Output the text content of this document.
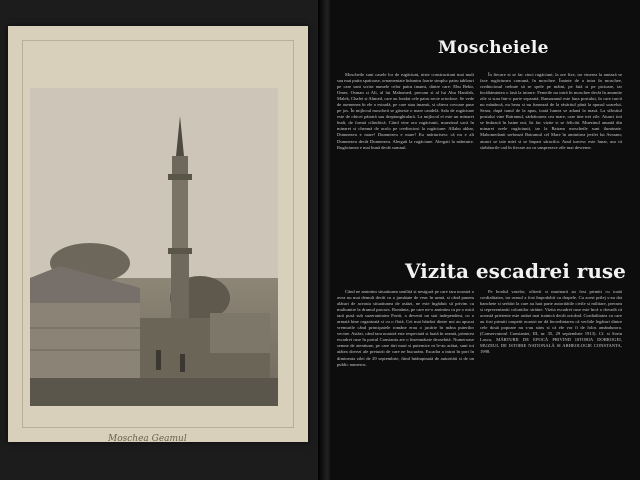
Moschea Geamul
Moscheiele

Moscheile sunt casele lor de rugăciuni, niste constructiuni mai mult sau mai putin spatioase, ornamentate înăuntru foarte simplu: patru tablouri pe care sunt scrise numele celor patru imami, dintre care: Ebu Bekir, Omer, Osman si Ali, al lui Mahomed, precum si al lui Abu Hanifah, Malek, Chafei si Ahmed, care au fondat cele patru secte ortodoxe. Se vede de asemenea în ele o estradă, pe care stau imamii, si câteva covoare puse pe jos. În mijlocul moscheii se găseste o mare candelă. Sala de rugăciune este de obicei pătrată sau dreptunghiulară. La mijlocul ei este un minaret înalt, de formă cilindrică. Când vine ora rugăciunii, muezinul urcă în minaret si cheamă de acolo pe credinciosi la rugăciune: Allahu akbar, Dumnezeu e mare! Dumnezeu e mare! Eu mărturisesc că nu e alt Dumnezeu decât Dumnezeu. Alergati la rugăciune. Alergati la mântuire. Rugăciunea e mai bună decât somnul.

În fiecare zi se fac cinci rugăciuni, la ore fixe, iar vinerea la amiază se face rugăciunea comună, în moschee. Înainte de a intra în moschee, credinciosul trebuie să se spele pe mâini, pe fată si pe picioare, iar încăltămintea o lasă la intrare. Femeile nu intră în moschee decât în anumite zile si stau într-o parte separată. Ramazanul este luna postului, în care turcii nu mănâncă, nu beau si nu fumează de la răsăritul până la apusul soarelui. Seara, după tunul de la apus, toată lumea se adună la masă. La sfârsitul postului vine Bairamul, sărbătoarea cea mare, care tine trei zile. Atunci toti se îmbracă în haine noi, îsi fac vizite si se felicită. Muezinul anuntă din minaret orele rugăciunii, iar la Bairam moscheile sunt iluminate. Mahomedanii serbează Bairamul cel Mare în amintirea jertfei lui Avraam; atunci se taie miei si se împart săracilor. Anul turcesc este lunar, asa că sărbătorile cad în fiecare an cu unsprezece zile mai devreme.

Vizita escadrei ruse

Când ne amintim situatiunea umilită si nesigură pe care tara noastră o avea nu mai demult decât cu o jumătate de veac în urmă, si când punem alături de aceasta situatiunea de astăzi, ne este îngăduit să privim cu multumire la drumul parcurs. România, pe care ne-o amintim ca pe o mică tară pusă sub suzeranitatea Portii, a devenit un stat independent, cu o armată bine organizată si cu o flotă. Cei mai bătrâni dintre noi au apucat vremurile când principatele române erau o jucărie în mâna puterilor vecine. Astăzi, când tara noastră este respectată si luată în seamă, primirea escadrei ruse în portul Constanta are o însemnătate deosebită. Numeroase semne de atentiune, pe care tări mari si puternice ni le-au arătat, sunt tot atâtea dovezi ale pretuirii de care ne bucurăm. Escadra a intrat în port în dimineata zilei de 29 septembrie, fiind întâmpinată de autorităti si de un public numeros.

Pe bordul vaselor, ofiterii si marinarii au fost primiti cu toată cordialitatea, iar orasul a fost împodobit cu drapele. Cu acest prilej s-au dat banchete si serbări la care au luat parte autoritătile civile si militare, precum si reprezentantii coloniilor străine. Vizita escadrei ruse este încă o dovadă că această prietenie este astăzi mai trainică decât oricând. Cordialitatea cu care au fost primiti oaspetii noastri ne dă încredintarea că vechile legături dintre cele două popoare nu s-au stins si că ele vor fi de folos amândurora. (Conservatorul Constantei, III, nr. 35, 29 septembrie 1913). Cf. si Sorin Lascu, MĂRTURII DE EPOCĂ PRIVIND ISTORIA DOBROGEI, MUZEUL DE ISTORIE NATIONALĂ SI ARHEOLOGIE CONSTANTA, 1998.
